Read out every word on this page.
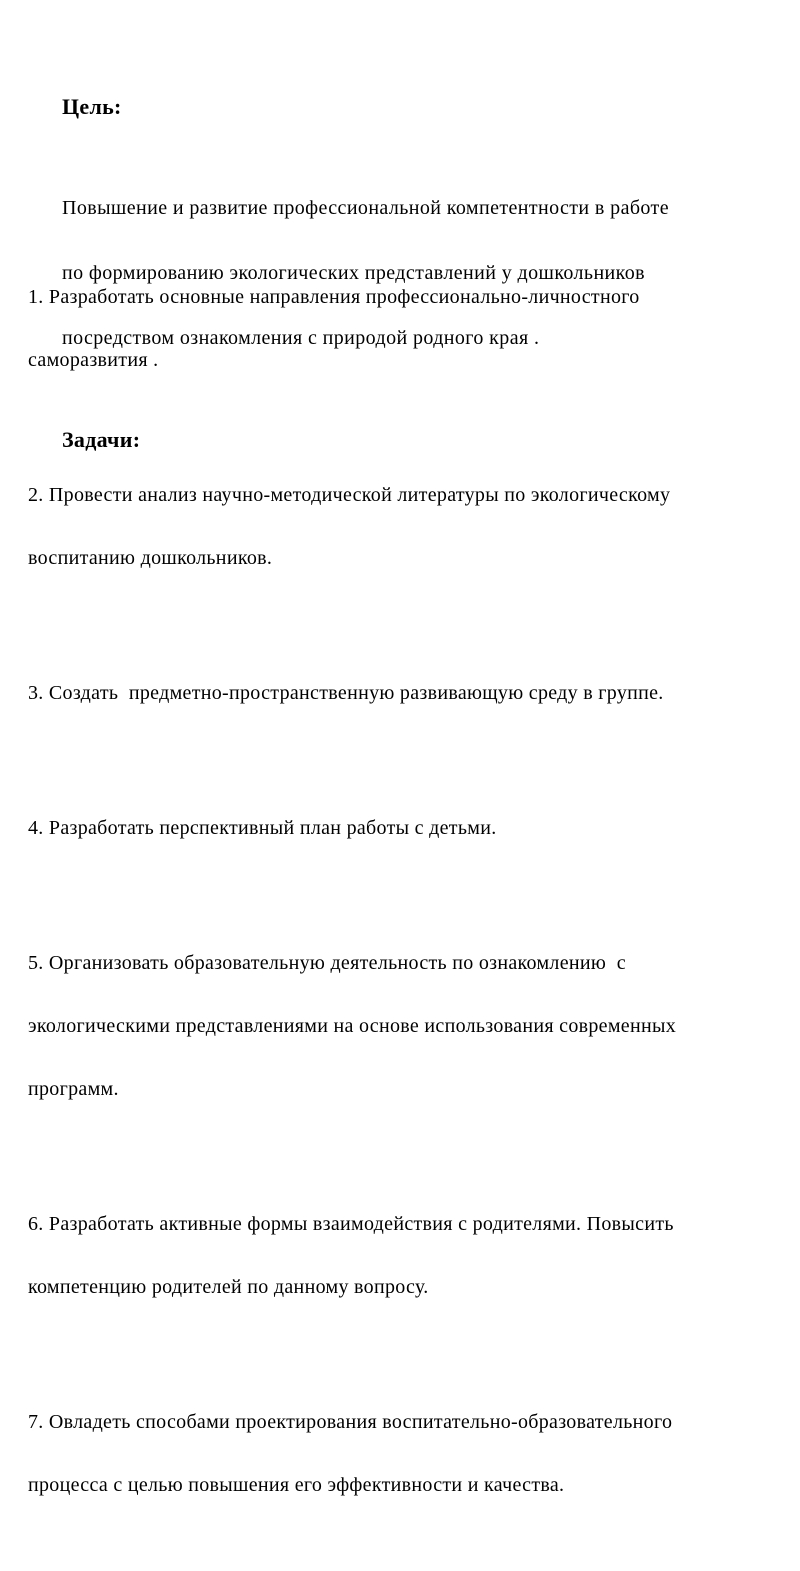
Цель:

Повышение и развитие профессиональной компетентности в работе

по формированию экологических представлений у дошкольников

посредством ознакомления с природой родного края .

Задачи:

1. Разработать основные направления профессионально-личностного

саморазвития .

2. Провести анализ научно-методической литературы по экологическому

воспитанию дошкольников.

3. Создать  предметно-пространственную развивающую среду в группе.

4. Разработать перспективный план работы с детьми.

5. Организовать образовательную деятельность по ознакомлению  с

экологическими представлениями на основе использования современных

программ.

6. Разработать активные формы взаимодействия с родителями. Повысить

компетенцию родителей по данному вопросу.

7. Овладеть способами проектирования воспитательно-образовательного

процесса с целью повышения его эффективности и качества.
